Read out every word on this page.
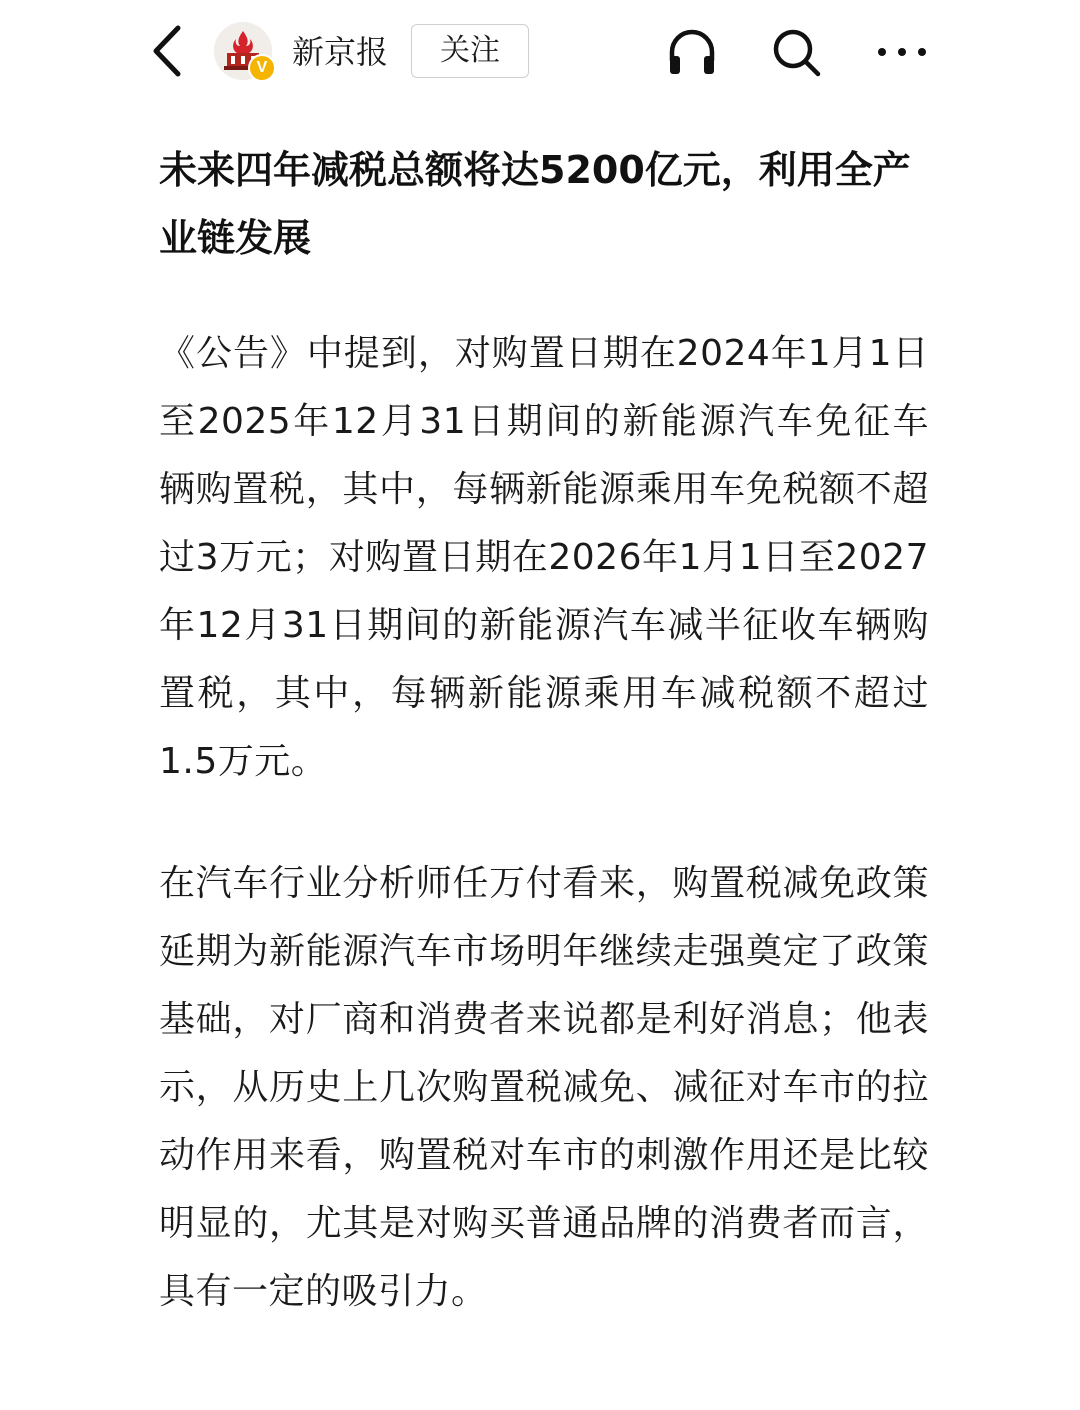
V 新京报	关注
未来四年减税总额将达5200亿元，利用全产业链发展

《公告》中提到，对购置日期在2024年1月1日至2025年12月31日期间的新能源汽车免征车辆购置税，其中，每辆新能源乘用车免税额不超过3万元；对购置日期在2026年1月1日至2027年12月31日期间的新能源汽车减半征收车辆购置税，其中，每辆新能源乘用车减税额不超过1.5万元。

在汽车行业分析师任万付看来，购置税减免政策延期为新能源汽车市场明年继续走强奠定了政策基础，对厂商和消费者来说都是利好消息；他表示，从历史上几次购置税减免、减征对车市的拉动作用来看，购置税对车市的刺激作用还是比较明显的，尤其是对购买普通品牌的消费者而言，具有一定的吸引力。
